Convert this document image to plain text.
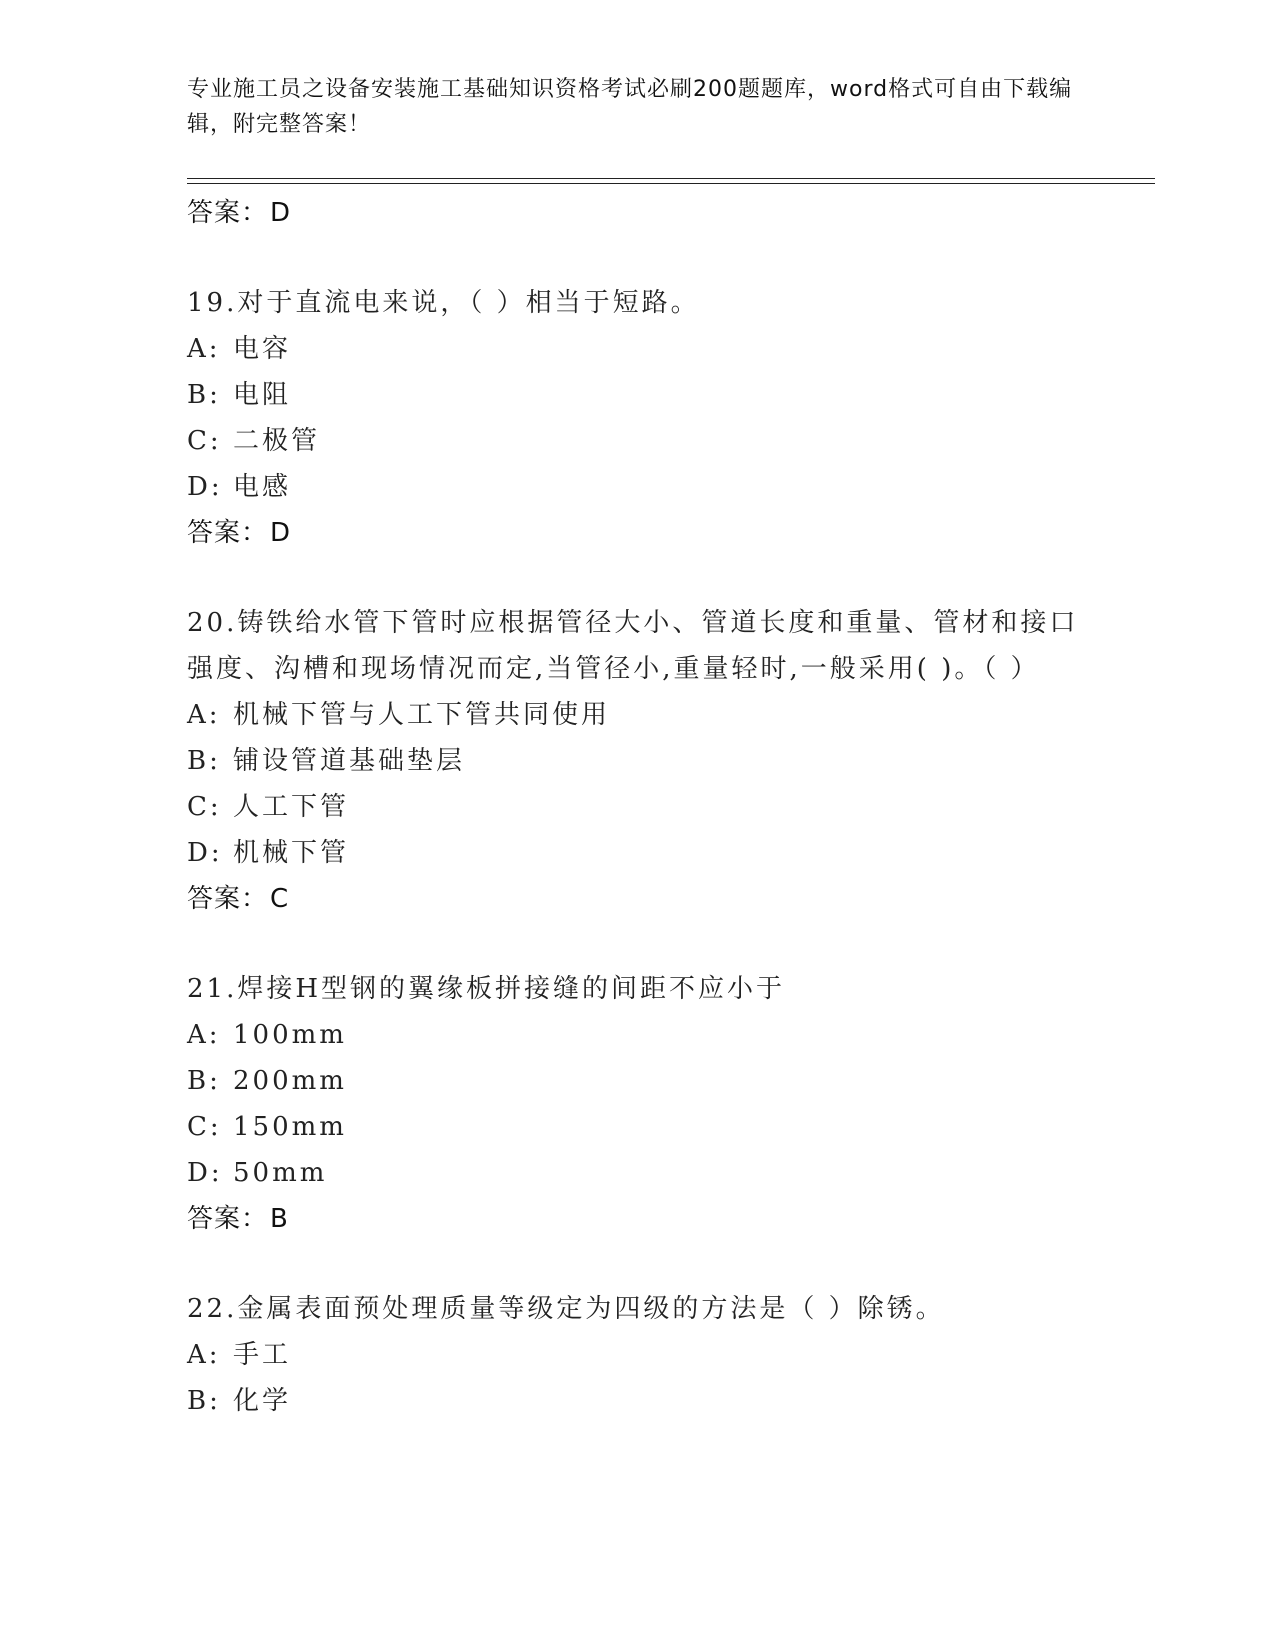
专业施工员之设备安装施工基础知识资格考试必刷200题题库，word格式可自由下载编辑，附完整答案！
答案：D
19.对于直流电来说，（ ）相当于短路。
A: 电容
B: 电阻
C: 二极管
D: 电感
答案：D
20.铸铁给水管下管时应根据管径大小、管道长度和重量、管材和接口强度、沟槽和现场情况而定,当管径小,重量轻时,一般采用( )。（ ）
A: 机械下管与人工下管共同使用
B: 铺设管道基础垫层
C: 人工下管
D: 机械下管
答案：C
21.焊接H型钢的翼缘板拼接缝的间距不应小于
A: 100mm
B: 200mm
C: 150mm
D: 50mm
答案：B
22.金属表面预处理质量等级定为四级的方法是（ ）除锈。
A: 手工
B: 化学
